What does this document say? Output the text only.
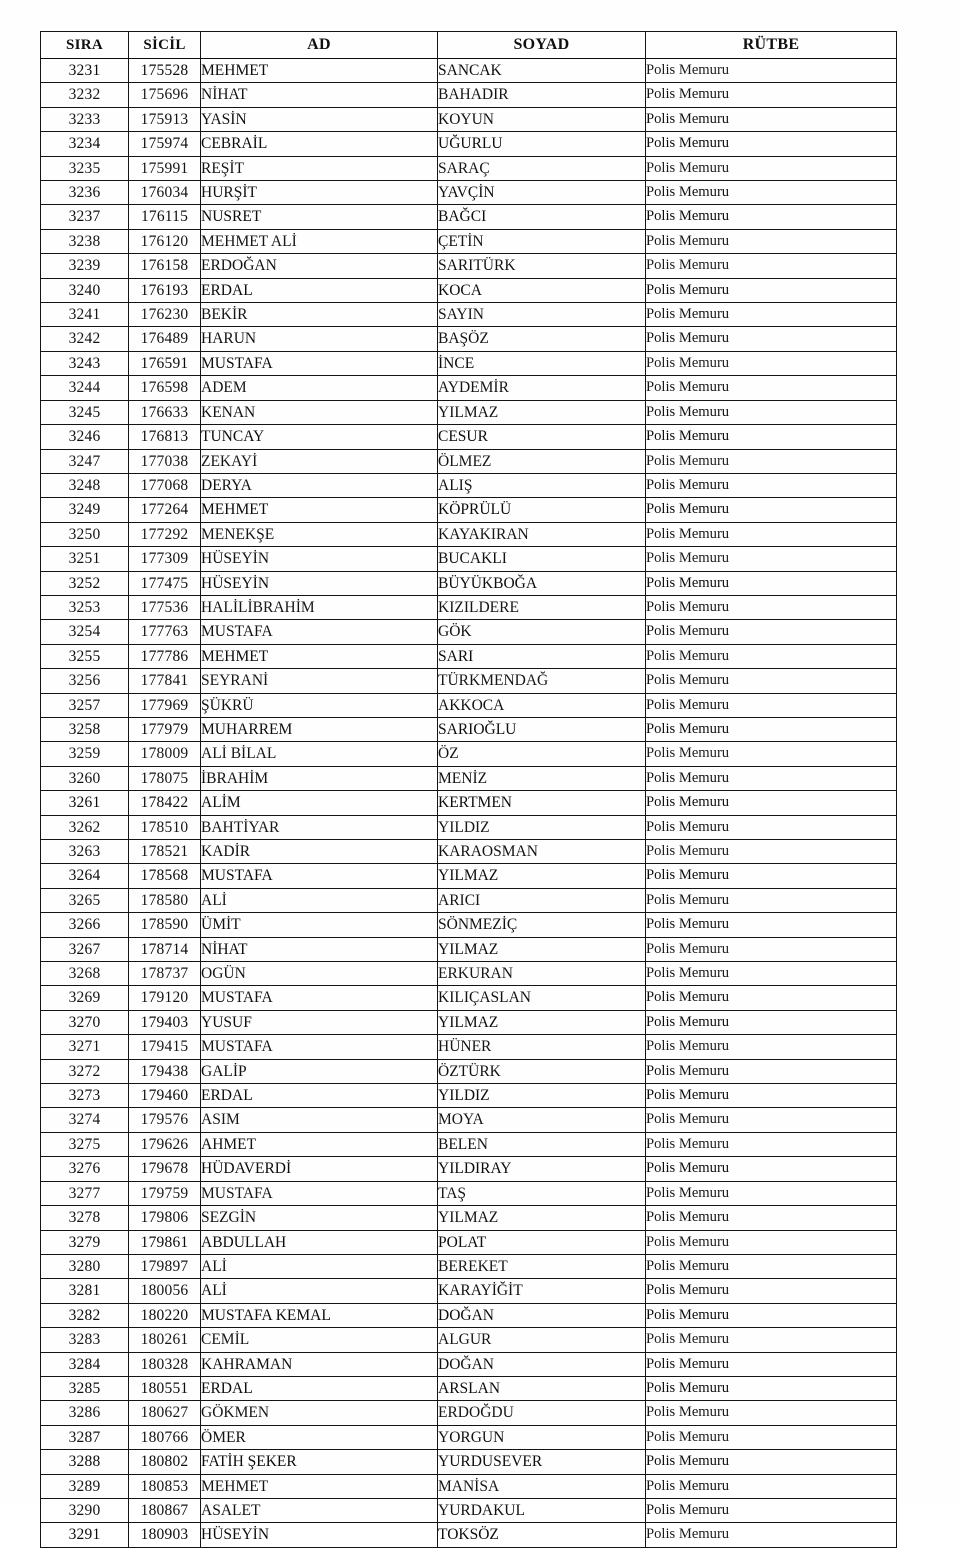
SIRA	SİCİL	AD	SOYAD	RÜTBE
3231	175528	MEHMET	SANCAK	Polis Memuru
3232	175696	NİHAT	BAHADIR	Polis Memuru
3233	175913	YASİN	KOYUN	Polis Memuru
3234	175974	CEBRAİL	UĞURLU	Polis Memuru
3235	175991	REŞİT	SARAÇ	Polis Memuru
3236	176034	HURŞİT	YAVÇİN	Polis Memuru
3237	176115	NUSRET	BAĞCI	Polis Memuru
3238	176120	MEHMET ALİ	ÇETİN	Polis Memuru
3239	176158	ERDOĞAN	SARITÜRK	Polis Memuru
3240	176193	ERDAL	KOCA	Polis Memuru
3241	176230	BEKİR	SAYIN	Polis Memuru
3242	176489	HARUN	BAŞÖZ	Polis Memuru
3243	176591	MUSTAFA	İNCE	Polis Memuru
3244	176598	ADEM	AYDEMİR	Polis Memuru
3245	176633	KENAN	YILMAZ	Polis Memuru
3246	176813	TUNCAY	CESUR	Polis Memuru
3247	177038	ZEKAYİ	ÖLMEZ	Polis Memuru
3248	177068	DERYA	ALIŞ	Polis Memuru
3249	177264	MEHMET	KÖPRÜLÜ	Polis Memuru
3250	177292	MENEKŞE	KAYAKIRAN	Polis Memuru
3251	177309	HÜSEYİN	BUCAKLI	Polis Memuru
3252	177475	HÜSEYİN	BÜYÜKBOĞA	Polis Memuru
3253	177536	HALİLİBRAHİM	KIZILDERE	Polis Memuru
3254	177763	MUSTAFA	GÖK	Polis Memuru
3255	177786	MEHMET	SARI	Polis Memuru
3256	177841	SEYRANİ	TÜRKMENDAĞ	Polis Memuru
3257	177969	ŞÜKRÜ	AKKOCA	Polis Memuru
3258	177979	MUHARREM	SARIOĞLU	Polis Memuru
3259	178009	ALİ BİLAL	ÖZ	Polis Memuru
3260	178075	İBRAHİM	MENİZ	Polis Memuru
3261	178422	ALİM	KERTMEN	Polis Memuru
3262	178510	BAHTİYAR	YILDIZ	Polis Memuru
3263	178521	KADİR	KARAOSMAN	Polis Memuru
3264	178568	MUSTAFA	YILMAZ	Polis Memuru
3265	178580	ALİ	ARICI	Polis Memuru
3266	178590	ÜMİT	SÖNMEZİÇ	Polis Memuru
3267	178714	NİHAT	YILMAZ	Polis Memuru
3268	178737	OGÜN	ERKURAN	Polis Memuru
3269	179120	MUSTAFA	KILIÇASLAN	Polis Memuru
3270	179403	YUSUF	YILMAZ	Polis Memuru
3271	179415	MUSTAFA	HÜNER	Polis Memuru
3272	179438	GALİP	ÖZTÜRK	Polis Memuru
3273	179460	ERDAL	YILDIZ	Polis Memuru
3274	179576	ASIM	MOYA	Polis Memuru
3275	179626	AHMET	BELEN	Polis Memuru
3276	179678	HÜDAVERDİ	YILDIRAY	Polis Memuru
3277	179759	MUSTAFA	TAŞ	Polis Memuru
3278	179806	SEZGİN	YILMAZ	Polis Memuru
3279	179861	ABDULLAH	POLAT	Polis Memuru
3280	179897	ALİ	BEREKET	Polis Memuru
3281	180056	ALİ	KARAYİĞİT	Polis Memuru
3282	180220	MUSTAFA KEMAL	DOĞAN	Polis Memuru
3283	180261	CEMİL	ALGUR	Polis Memuru
3284	180328	KAHRAMAN	DOĞAN	Polis Memuru
3285	180551	ERDAL	ARSLAN	Polis Memuru
3286	180627	GÖKMEN	ERDOĞDU	Polis Memuru
3287	180766	ÖMER	YORGUN	Polis Memuru
3288	180802	FATİH ŞEKER	YURDUSEVER	Polis Memuru
3289	180853	MEHMET	MANİSA	Polis Memuru
3290	180867	ASALET	YURDAKUL	Polis Memuru
3291	180903	HÜSEYİN	TOKSÖZ	Polis Memuru
